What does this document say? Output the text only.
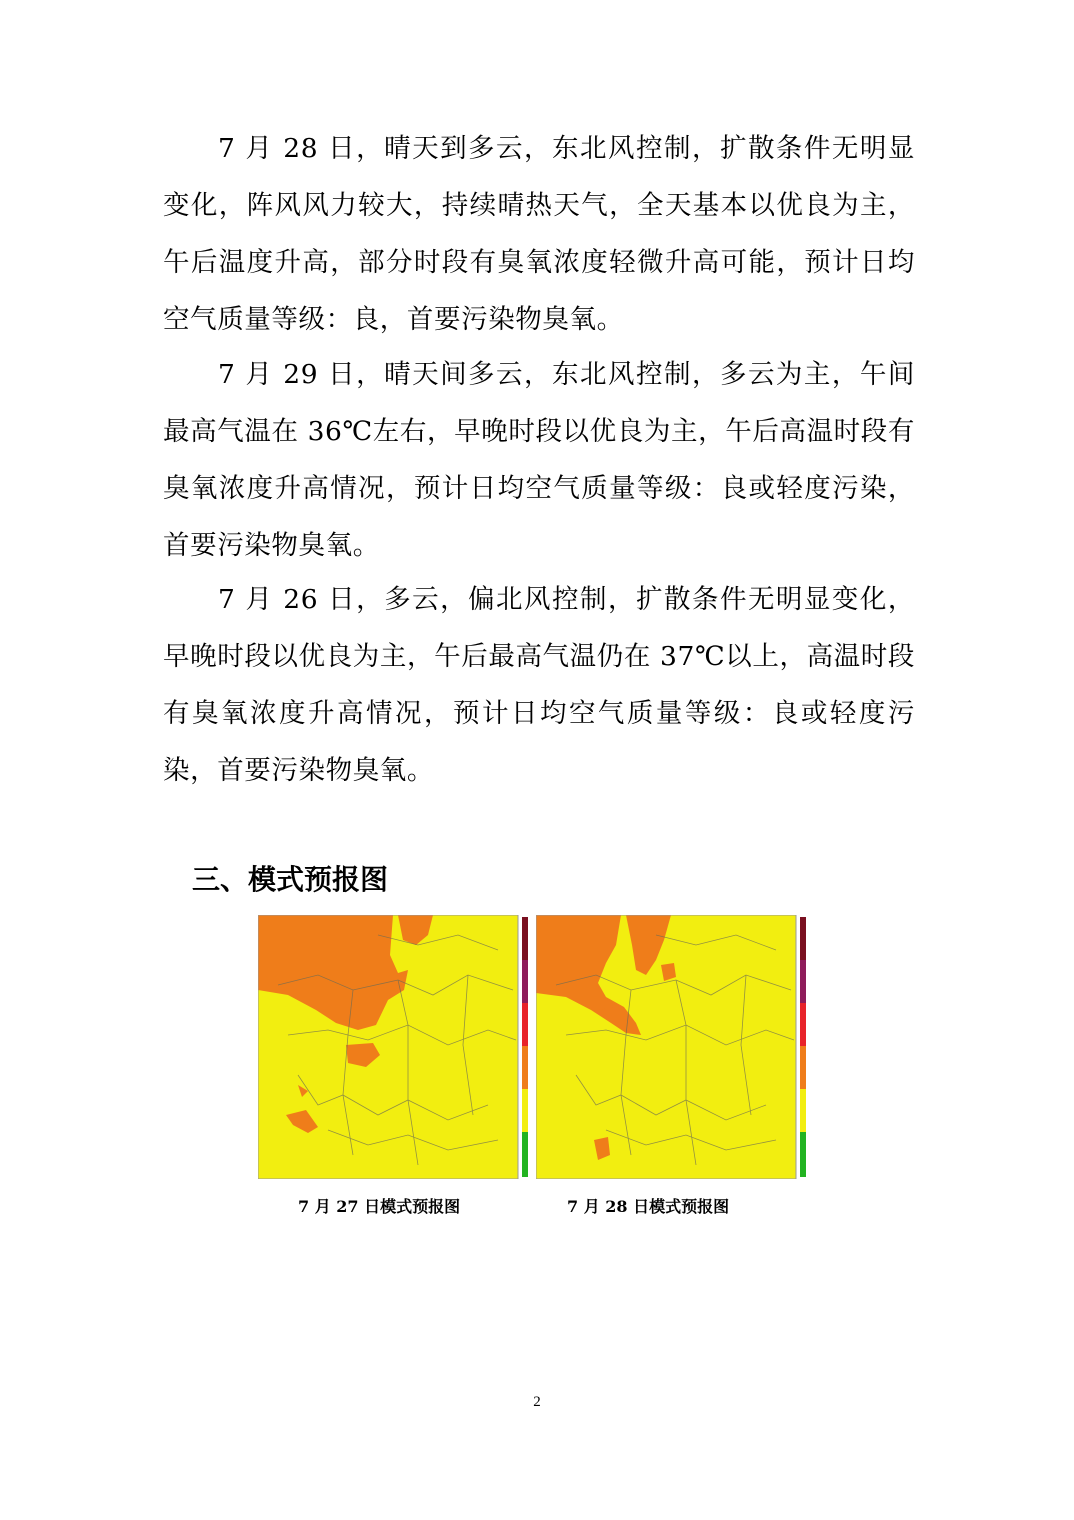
7 月 28 日，晴天到多云，东北风控制，扩散条件无明显变化，阵风风力较大，持续晴热天气，全天基本以优良为主，午后温度升高，部分时段有臭氧浓度轻微升高可能，预计日均空气质量等级：良，首要污染物臭氧。

7 月 29 日，晴天间多云，东北风控制，多云为主，午间最高气温在 36℃左右，早晚时段以优良为主，午后高温时段有臭氧浓度升高情况，预计日均空气质量等级：良或轻度污染，首要污染物臭氧。

7 月 26 日，多云，偏北风控制，扩散条件无明显变化，早晚时段以优良为主，午后最高气温仍在 37℃以上，高温时段有臭氧浓度升高情况，预计日均空气质量等级：良或轻度污染，首要污染物臭氧。

三、模式预报图
7 月 27 日模式预报图	7 月 28 日模式预报图
2
